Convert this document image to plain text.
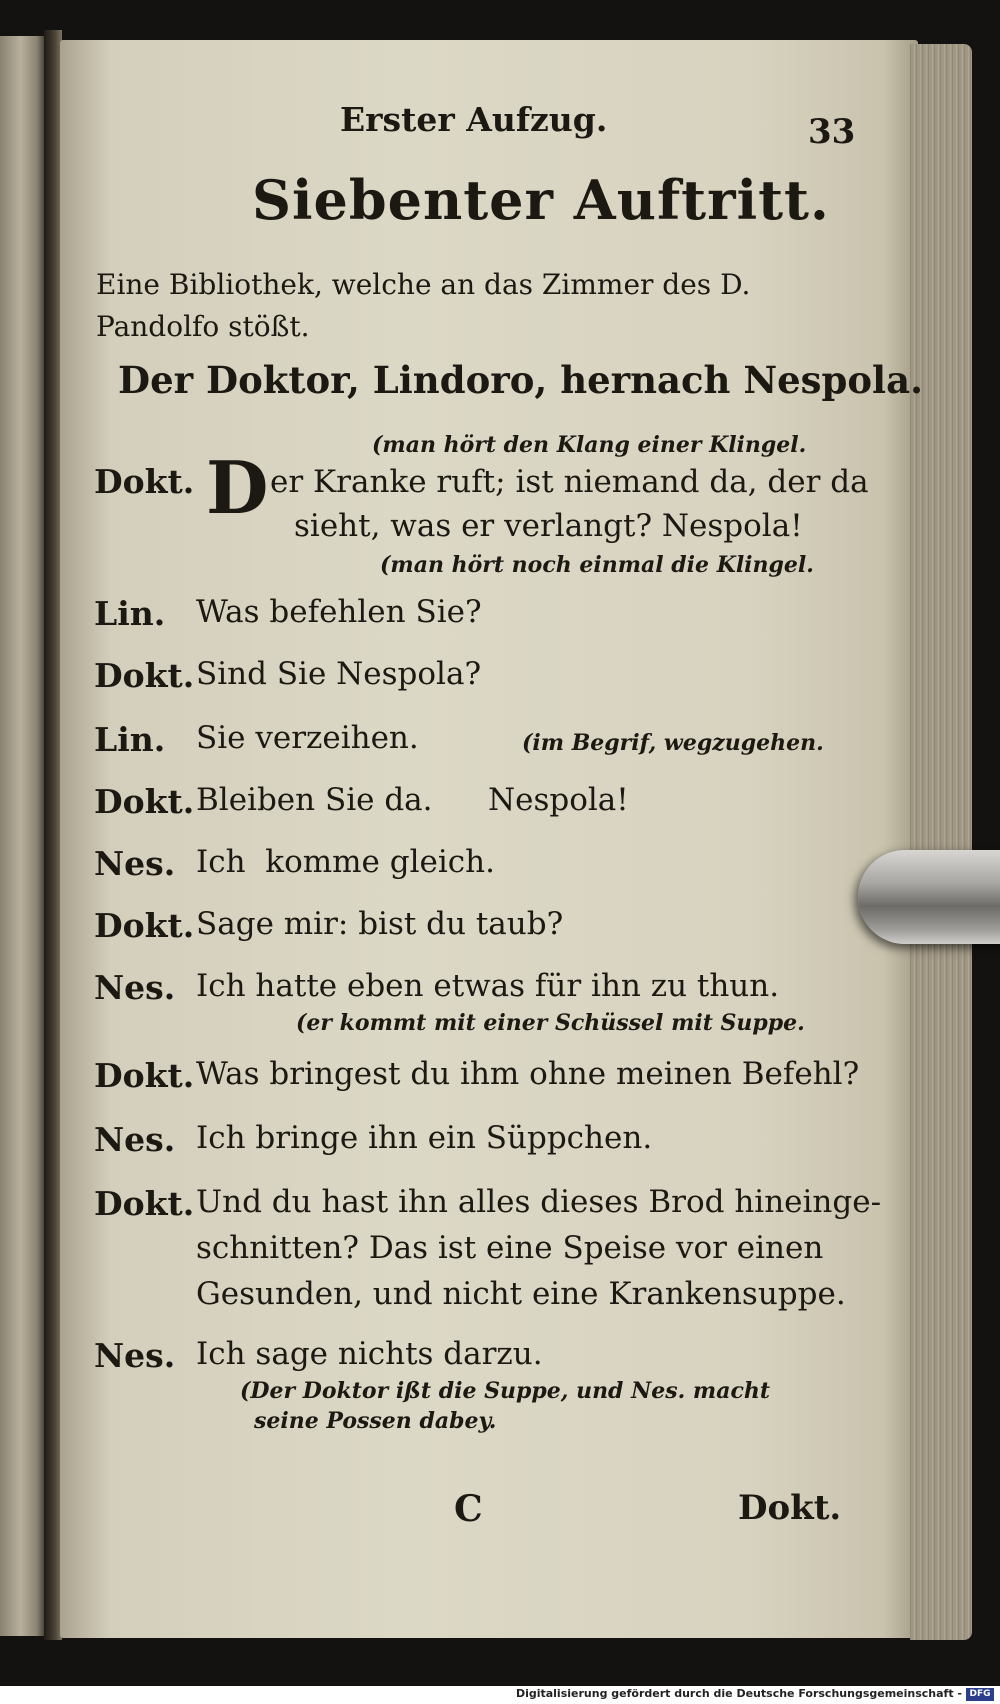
Erster Aufzug.	33
Siebenter Auftritt.
Eine Bibliothek, welche an das Zimmer des D. Pandolfo stößt.
Der Doktor, Lindoro, hernach Nespola.
(man hört den Klang einer Klingel.
Dokt. D er Kranke ruft; ist niemand da, der da
sieht, was er verlangt? Nespola!
(man hört noch einmal die Klingel.
Lin. Was befehlen Sie?
Dokt. Sind Sie Nespola?
Lin. Sie verzeihen.	(im Begrif, wegzugehen.
Dokt. Bleiben Sie da. Nespola!
Nes. Ich  komme gleich.
Dokt. Sage mir: bist du taub?
Nes. Ich hatte eben etwas für ihn zu thun.
(er kommt mit einer Schüssel mit Suppe.
Dokt. Was bringest du ihm ohne meinen Befehl?
Nes. Ich bringe ihn ein Süppchen.
Dokt. Und du hast ihn alles dieses Brod hineinge-
schnitten? Das ist eine Speise vor einen
Gesunden, und nicht eine Krankensuppe.
Nes. Ich sage nichts darzu.
(Der Doktor ißt die Suppe, und Nes. macht
seine Possen dabey.
C	Dokt.
Digitalisierung gefördert durch die Deutsche Forschungsgemeinschaft - DFG
